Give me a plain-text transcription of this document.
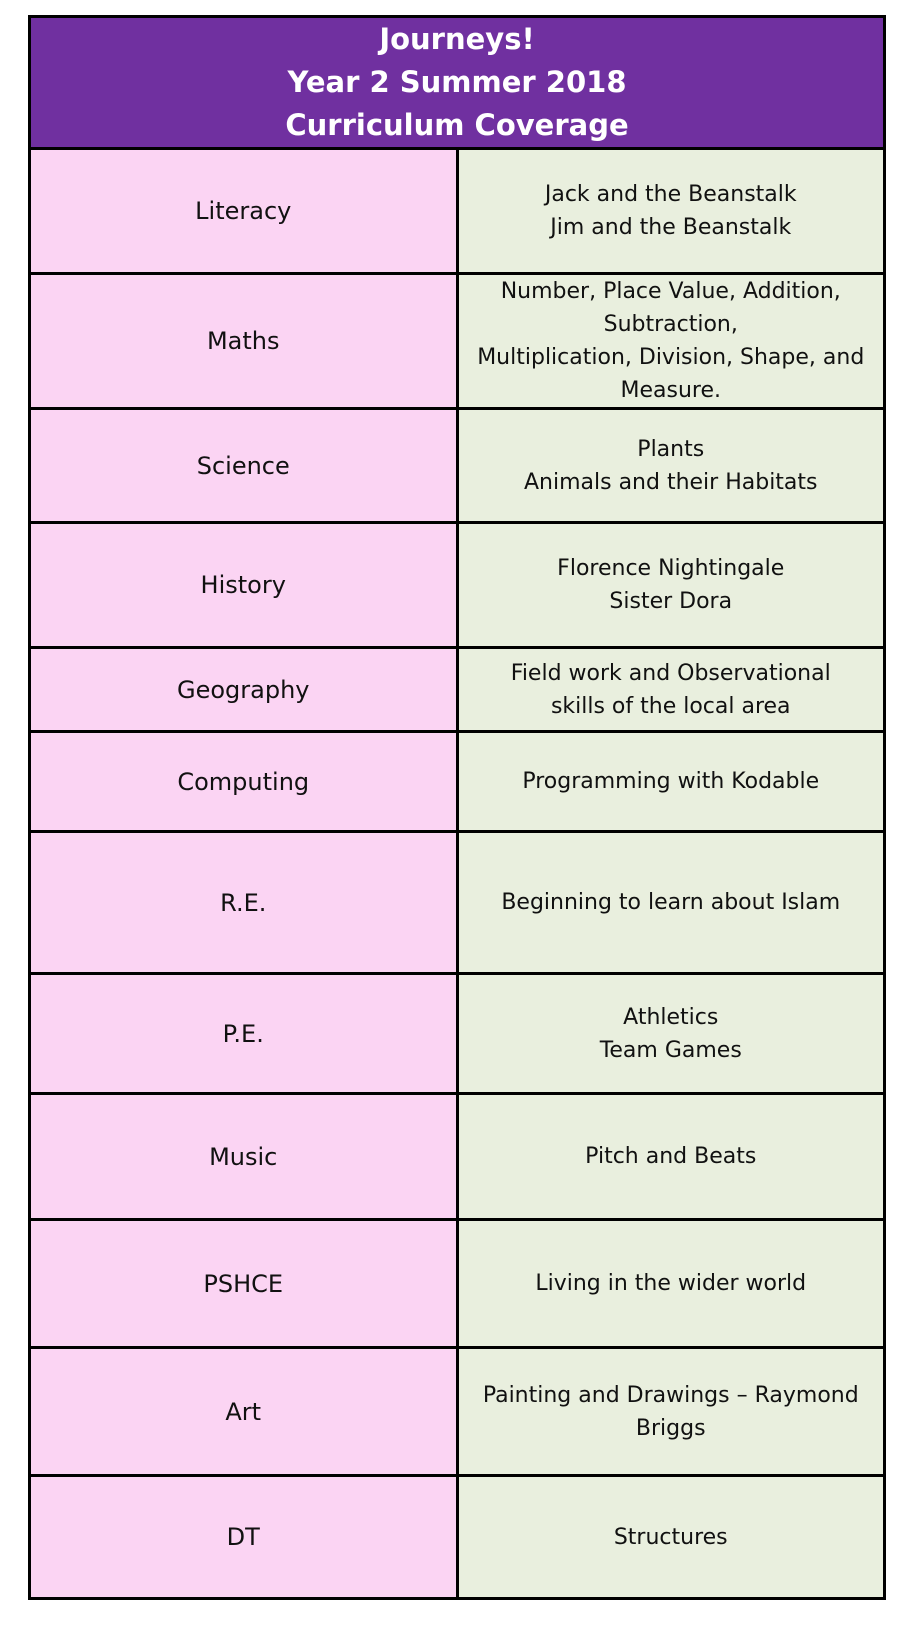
Journeys!
Year 2 Summer 2018
Curriculum Coverage	

Literacy	Jack and the Beanstalk
Jim and the Beanstalk

Maths	Number, Place Value, Addition, Subtraction,
Multiplication, Division, Shape, and Measure.

Science	Plants
Animals and their Habitats

History	Florence Nightingale
Sister Dora

Geography	Field work and Observational
skills of the local area

Computing	Programming with Kodable

R.E.	Beginning to learn about Islam

P.E.	Athletics
Team Games

Music	Pitch and Beats

PSHCE	Living in the wider world

Art	Painting and Drawings – Raymond Briggs

DT	Structures
